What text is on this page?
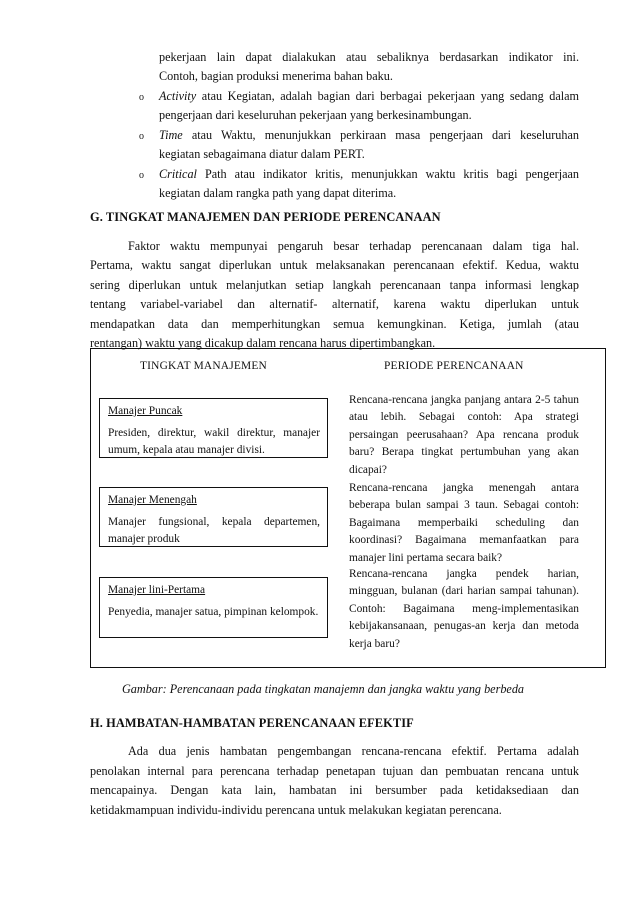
pekerjaan lain dapat dialakukan atau sebaliknya berdasarkan indikator ini.
Contoh, bagian produksi menerima bahan baku.
o Activity atau Kegiatan, adalah bagian dari berbagai pekerjaan yang sedang dalam
pengerjaan dari keseluruhan pekerjaan yang berkesinambungan.
o Time atau Waktu, menunjukkan perkiraan masa pengerjaan dari keseluruhan
kegiatan sebagaimana diatur dalam PERT.
o Critical Path atau indikator kritis, menunjukkan waktu kritis bagi pengerjaan
kegiatan dalam rangka path yang dapat diterima.
G. TINGKAT MANAJEMEN DAN PERIODE PERENCANAAN
Faktor waktu mempunyai pengaruh besar terhadap perencanaan dalam tiga hal.
Pertama, waktu sangat diperlukan untuk melaksanakan perencanaan efektif. Kedua, waktu
sering diperlukan untuk melanjutkan setiap langkah perencanaan tanpa informasi lengkap
tentang variabel-variabel dan alternatif- alternatif, karena waktu diperlukan untuk
mendapatkan data dan memperhitungkan semua kemungkinan. Ketiga, jumlah (atau
rentangan) waktu yang dicakup dalam rencana harus dipertimbangkan.
TINGKAT MANAJEMEN	PERIODE PERENCANAAN
Manajer Puncak
Presiden, direktur, wakil direktur, manajer umum, kepala atau manajer divisi.
Rencana-rencana jangka panjang antara 2-5 tahun atau lebih. Sebagai contoh: Apa strategi persaingan peerusahaan? Apa rencana produk baru? Berapa tingkat pertumbuhan yang akan dicapai?
Manajer Menengah
Manajer fungsional, kepala departemen, manajer produk
Rencana-rencana jangka menengah antara beberapa bulan sampai 3 taun. Sebagai contoh: Bagaimana memperbaiki scheduling dan koordinasi? Bagaimana memanfaatkan para manajer lini pertama secara baik?
Manajer lini-Pertama
Penyedia, manajer satua, pimpinan kelompok.
Rencana-rencana jangka pendek harian, mingguan, bulanan (dari harian sampai tahunan). Contoh: Bagaimana meng-implementasikan kebijakansanaan, penugas-an kerja dan metoda kerja baru?
Gambar: Perencanaan pada tingkatan manajemn dan jangka waktu yang berbeda
H. HAMBATAN-HAMBATAN PERENCANAAN EFEKTIF
Ada dua jenis hambatan pengembangan rencana-rencana efektif. Pertama adalah
penolakan internal para perencana terhadap penetapan tujuan dan pembuatan rencana untuk
mencapainya. Dengan kata lain, hambatan ini bersumber pada ketidaksediaan dan
ketidakmampuan individu-individu perencana untuk melakukan kegiatan perencana.
